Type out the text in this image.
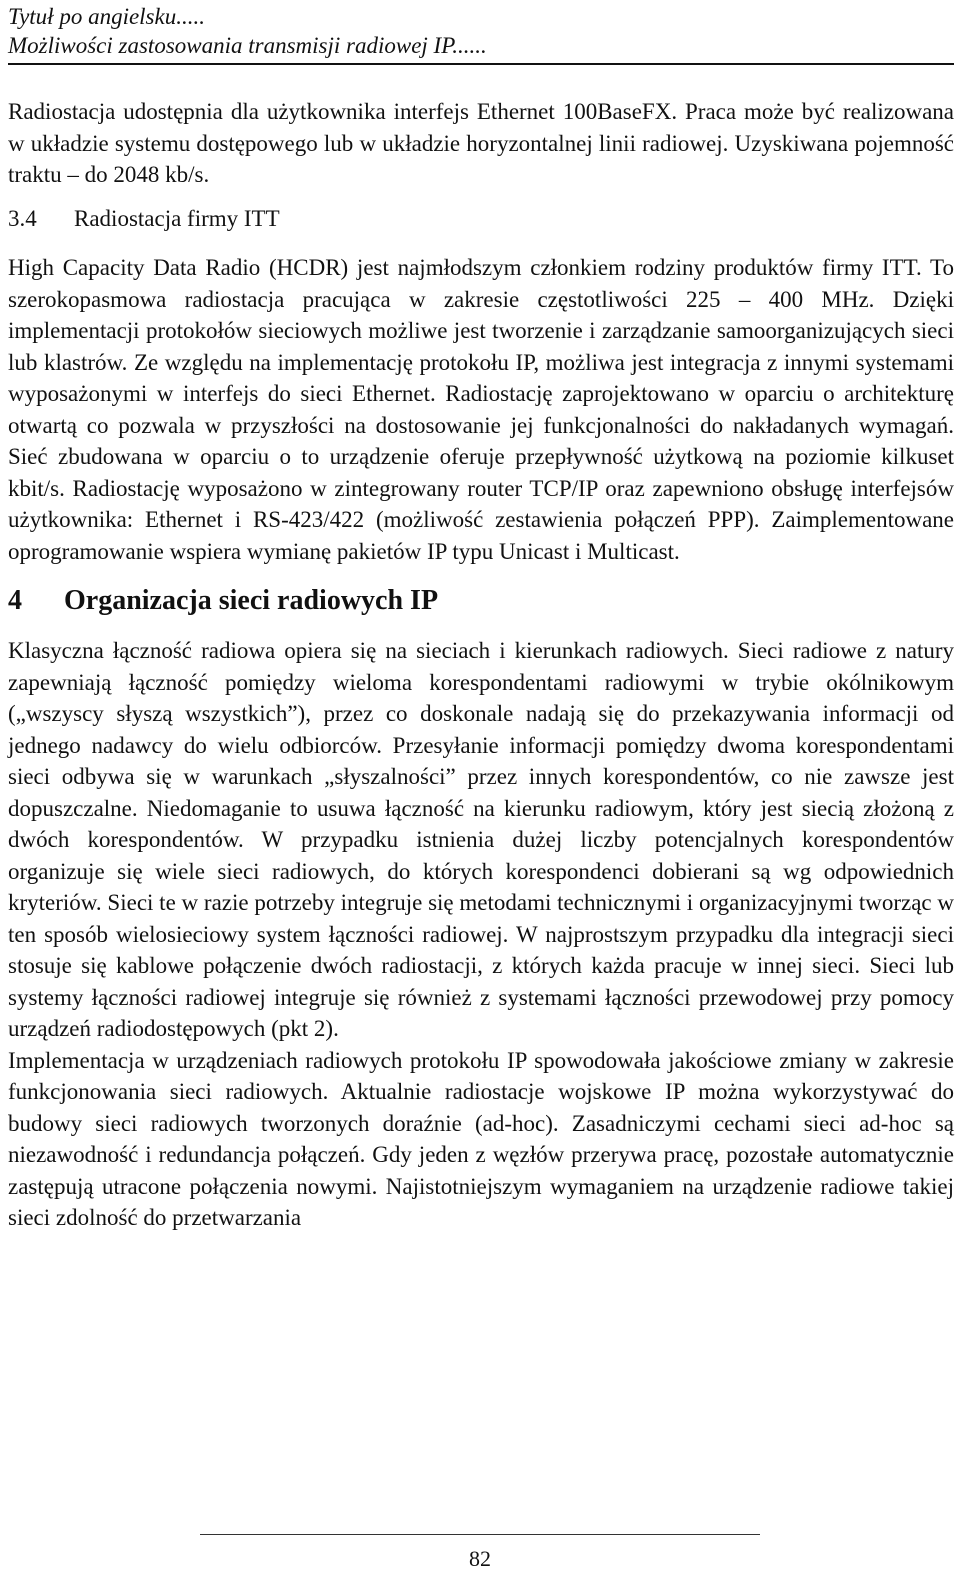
Tytuł po angielsku.....
Możliwości zastosowania transmisji radiowej IP......

Radiostacja udostępnia dla użytkownika interfejs Ethernet 100BaseFX. Praca może być realizowana w układzie systemu dostępowego lub w układzie horyzontalnej linii radiowej. Uzyskiwana pojemność traktu – do 2048 kb/s.

3.4 Radiostacja firmy ITT

High Capacity Data Radio (HCDR) jest najmłodszym członkiem rodziny produktów firmy ITT. To szerokopasmowa radiostacja pracująca w zakresie częstotliwości 225 – 400 MHz. Dzięki implementacji protokołów sieciowych możliwe jest tworzenie i zarządzanie samoorganizujących sieci lub klastrów. Ze względu na implementację protokołu IP, możliwa jest integracja z innymi systemami wyposażonymi w interfejs do sieci Ethernet. Radiostację zaprojektowano w oparciu o architekturę otwartą co pozwala w przyszłości na dostosowanie jej funkcjonalności do nakładanych wymagań. Sieć zbudowana w oparciu o to urządzenie oferuje przepływność użytkową na poziomie kilkuset kbit/s. Radiostację wyposażono w zintegrowany router TCP/IP oraz zapewniono obsługę interfejsów użytkownika: Ethernet i RS-423/422 (możliwość zestawienia połączeń PPP). Zaimplementowane oprogramowanie wspiera wymianę pakietów IP typu Unicast i Multicast.

4 Organizacja sieci radiowych IP

Klasyczna łączność radiowa opiera się na sieciach i kierunkach radiowych. Sieci radiowe z natury zapewniają łączność pomiędzy wieloma korespondentami radiowymi w trybie okólnikowym („wszyscy słyszą wszystkich”), przez co doskonale nadają się do przekazywania informacji od jednego nadawcy do wielu odbiorców. Przesyłanie informacji pomiędzy dwoma korespondentami sieci odbywa się w warunkach „słyszalności” przez innych korespondentów, co nie zawsze jest dopuszczalne. Niedomaganie to usuwa łączność na kierunku radiowym, który jest siecią złożoną z dwóch korespondentów. W przypadku istnienia dużej liczby potencjalnych korespondentów organizuje się wiele sieci radiowych, do których korespondenci dobierani są wg odpowiednich kryteriów. Sieci te w razie potrzeby integruje się metodami technicznymi i organizacyjnymi tworząc w ten sposób wielosieciowy system łączności radiowej. W najprostszym przypadku dla integracji sieci stosuje się kablowe połączenie dwóch radiostacji, z których każda pracuje w innej sieci. Sieci lub systemy łączności radiowej integruje się również z systemami łączności przewodowej przy pomocy urządzeń radiodostępowych (pkt 2).

Implementacja w urządzeniach radiowych protokołu IP spowodowała jakościowe zmiany w zakresie funkcjonowania sieci radiowych. Aktualnie radiostacje wojskowe IP można wykorzystywać do budowy sieci radiowych tworzonych doraźnie (ad-hoc). Zasadniczymi cechami sieci ad-hoc są niezawodność i redundancja połączeń. Gdy jeden z węzłów przerywa pracę, pozostałe automatycznie zastępują utracone połączenia nowymi. Najistotniejszym wymaganiem na urządzenie radiowe takiej sieci zdolność do przetwarzania

82
